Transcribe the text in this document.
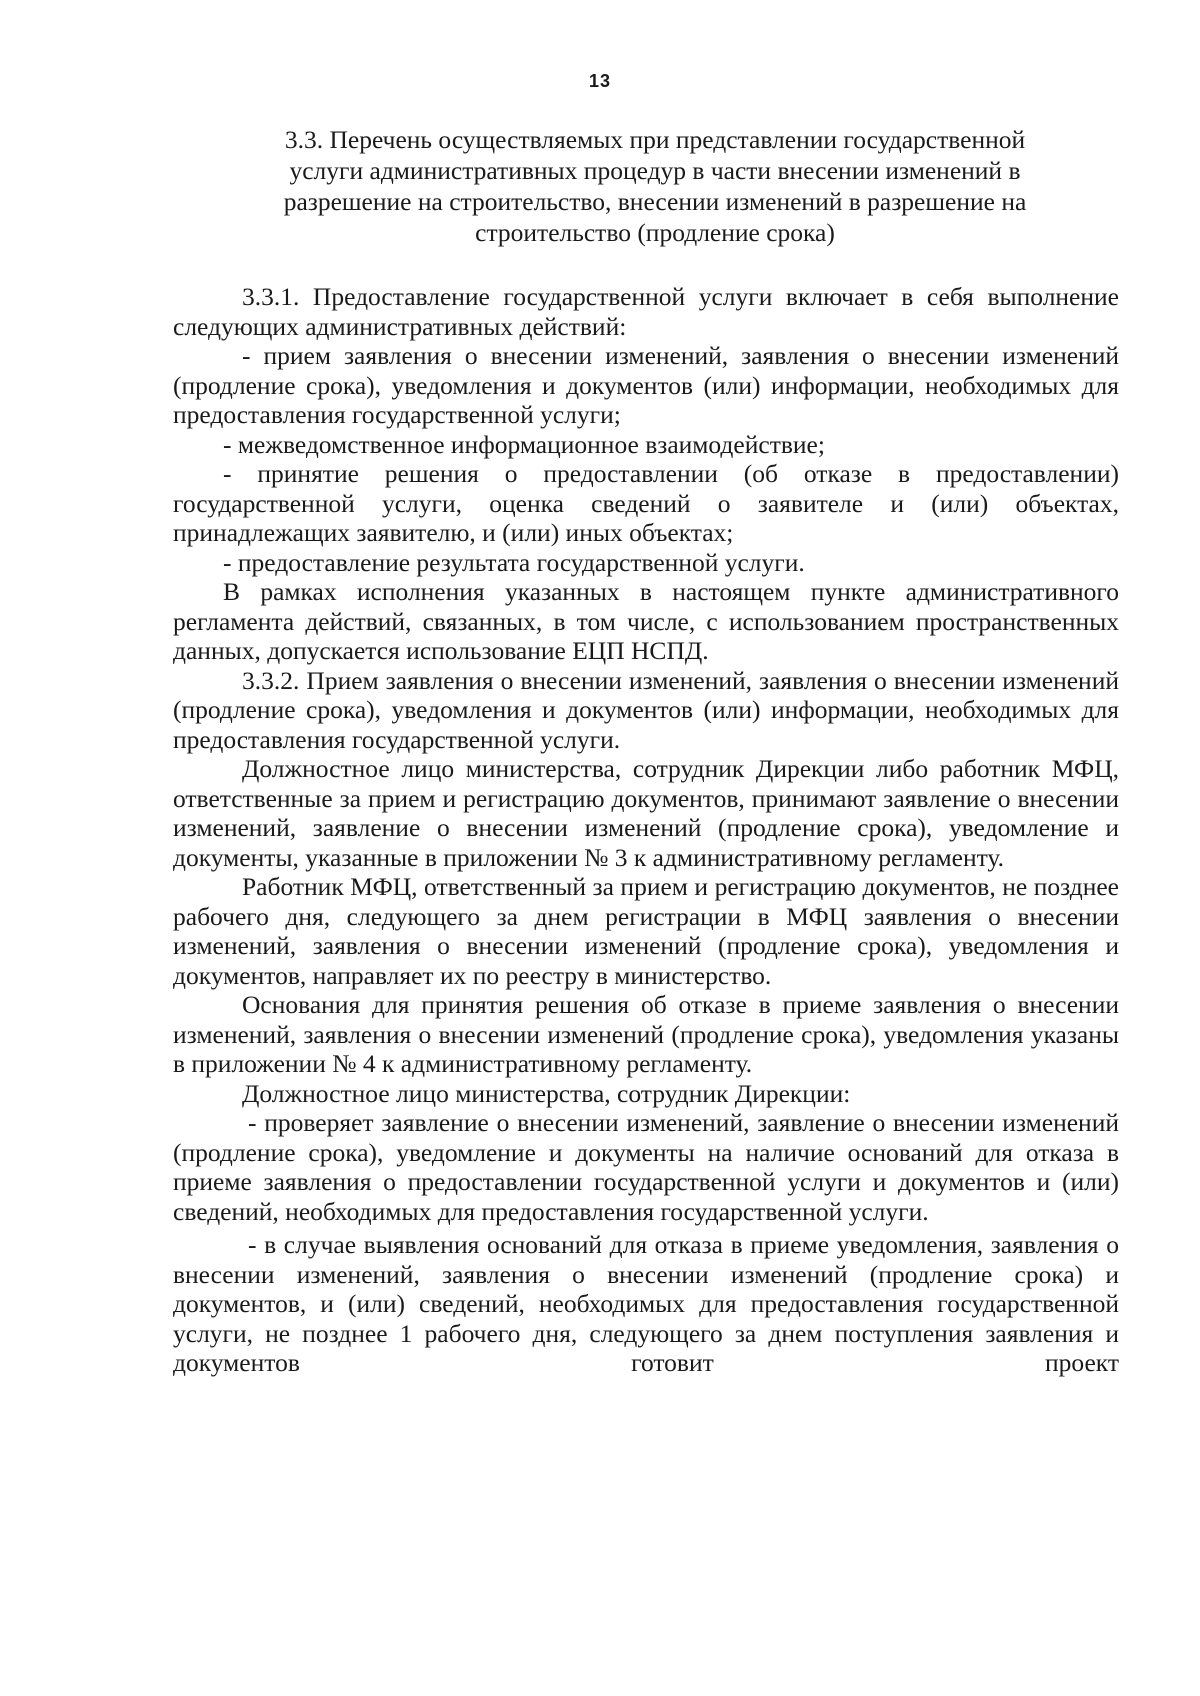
13
3.3. Перечень осуществляемых при представлении государственной
услуги административных процедур в части внесении изменений в
разрешение на строительство, внесении изменений в разрешение на
строительство (продление срока)

3.3.1. Предоставление государственной услуги включает в себя выполнение следующих административных действий:

- прием заявления о внесении изменений, заявления о внесении изменений (продление срока), уведомления и документов (или) информации, необходимых для предоставления государственной услуги;

- межведомственное информационное взаимодействие;

- принятие решения о предоставлении (об отказе в предоставлении) государственной услуги, оценка сведений о заявителе и (или) объектах, принадлежащих заявителю, и (или) иных объектах;

- предоставление результата государственной услуги.

В рамках исполнения указанных в настоящем пункте административного регламента действий, связанных, в том числе, с использованием пространственных данных, допускается использование ЕЦП НСПД.

3.3.2. Прием заявления о внесении изменений, заявления о внесении изменений (продление срока), уведомления и документов (или) информации, необходимых для предоставления государственной услуги.

Должностное лицо министерства, сотрудник Дирекции либо работник МФЦ, ответственные за прием и регистрацию документов, принимают заявление о внесении изменений, заявление о внесении изменений (продление срока), уведомление и документы, указанные в приложении № 3 к административному регламенту.

Работник МФЦ, ответственный за прием и регистрацию документов, не позднее рабочего дня, следующего за днем регистрации в МФЦ заявления о внесении изменений, заявления о внесении изменений (продление срока), уведомления и документов, направляет их по реестру в министерство.

Основания для принятия решения об отказе в приеме заявления о внесении изменений, заявления о внесении изменений (продление срока), уведомления указаны в приложении № 4 к административному регламенту.

Должностное лицо министерства, сотрудник Дирекции:

- проверяет заявление о внесении изменений, заявление о внесении изменений (продление срока), уведомление и документы на наличие оснований для отказа в приеме заявления о предоставлении государственной услуги и документов и (или) сведений, необходимых для предоставления государственной услуги.

- в случае выявления оснований для отказа в приеме уведомления, заявления о внесении изменений, заявления о внесении изменений (продление срока) и документов, и (или) сведений, необходимых для предоставления государственной услуги, не позднее 1 рабочего дня, следующего за днем поступления заявления и документов готовит проект
